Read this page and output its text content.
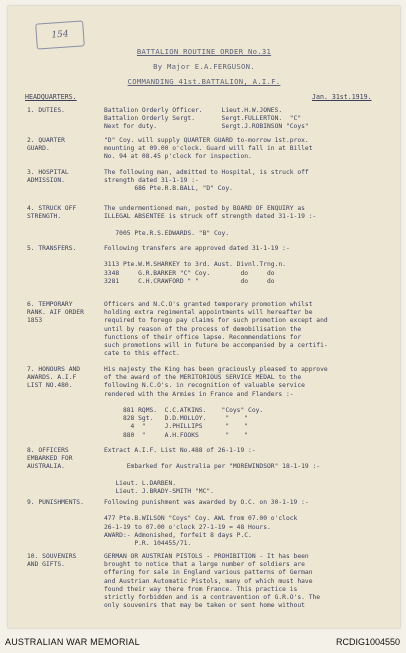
154
BATTALION ROUTINE ORDER No.31
By Major E.A.FERGUSON.
COMMANDING 41st.BATTALION, A.I.F.
HEADQUARTERS.	Jan. 31st.1919.
1. DUTIES.	Battalion Orderly Officer.     Lieut.H.W.JONES.
Battalion Orderly Sergt.       Sergt.FULLERTON.  "C"
Next for duty.                 Sergt.J.ROBINSON "Coys"
2. QUARTER GUARD.
"D" Coy. will supply QUARTER GUARD to-morrow 1st.prox.
mounting at 09.00 o'clock. Guard will fall in at Billet
No. 94 at 08.45 p'clock for inspection.
3. HOSPITAL ADMISSION.
The following man, admitted to Hospital, is struck off
strength dated 31-1-19 :-
686 Pte.R.B.BALL, "D" Coy.
4. STRUCK OFF STRENGTH.
The undermentioned man, posted by BOARD OF ENQUIRY as
ILLEGAL ABSENTEE is struck off strength dated 31-1-19 :-
7005 Pte.R.S.EDWARDS. "B" Coy.
5. TRANSFERS.	Following transfers are approved dated 31-1-19 :-
3113 Pte.W.M.SHARKEY to 3rd. Aust. Divnl.Trng.n.
3348     G.R.BARKER "C" Coy.        do     do
3281     C.H.CRAWFORD " "           do     do
6. TEMPORARY RANK. AIF ORDER 1853
Officers and N.C.O's granted temporary promotion whilst
holding extra regimental appointments will hereafter be
required to forego pay claims for such promotion except and
until by reason of the process of demobilisation the
functions of their office lapse. Recommendations for
such promotions will in future be accompanied by a certifi-
cate to this effect.
7. HONOURS AND AWARDS. A.I.F LIST NO.480.
His majesty the King has been graciously pleased to approve
of the award of the MERITORIOUS SERVICE MEDAL to the
following N.C.O's. in recognition of valuable service
rendered with the Armies in France and Flanders :-
881 RQMS.  C.C.ATKINS.    "Coys" Coy.
828 Sgt.   D.D.MOLLOY.     "    "
4  "     J.PHILLIPS      "    "
880  "     A.H.FOOKS       "    "
8. OFFICERS EMBARKED FOR AUSTRALIA.
Extract A.I.F. List No.488 of 26-1-19 :-
Embarked for Australia per "MOREWINDSOR" 18-1-19 :-
Lieut. L.DARBEN.
Lieut. J.BRADY-SMITH "MC".
9. PUNISHMENTS.	Following punishment was awarded by O.C. on 30-1-19 :-
477 Pte.B.WILSON "Coys" Coy. AWL from 07.00 o'clock
26-1-19 to 07.00 o'clock 27-1-19 = 48 Hours.
AWARD:- Admonished, forfeit 8 days P.C.
P.R. 104455/71.
10. SOUVENIRS AND GIFTS.
GERMAN OR AUSTRIAN PISTOLS - PROHIBITION - It has been
brought to notice that a large number of soldiers are
offering for sale in England various patterns of German
and Austrian Automatic Pistols, many of which must have
found their way there from France. This practice is
strictly forbidden and is a contravention of G.R.O's. The
only souvenirs that may be taken or sent home without
AUSTRALIAN WAR MEMORIAL	RCDIG1004550
